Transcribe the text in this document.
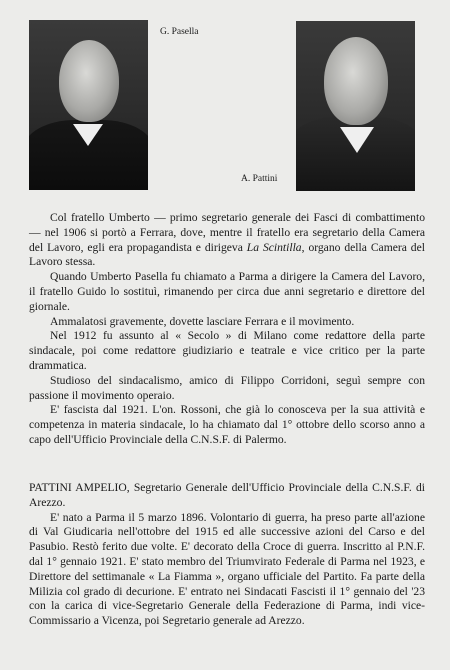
G. Pasella
A. Pattini

Col fratello Umberto — primo segretario generale dei Fasci di combattimento — nel 1906 si portò a Ferrara, dove, mentre il fratello era segretario della Camera del Lavoro, egli era propagandista e dirigeva La Scintilla, organo della Camera del Lavoro stessa.

Quando Umberto Pasella fu chiamato a Parma a dirigere la Camera del Lavoro, il fratello Guido lo sostituì, rimanendo per circa due anni segretario e direttore del giornale.

Ammalatosi gravemente, dovette lasciare Ferrara e il movimento.

Nel 1912 fu assunto al « Secolo » di Milano come redattore della parte sindacale, poi come redattore giudiziario e teatrale e vice critico per la parte drammatica.

Studioso del sindacalismo, amico di Filippo Corridoni, seguì sempre con passione il movimento operaio.

E' fascista dal 1921. L'on. Rossoni, che già lo conosceva per la sua attività e competenza in materia sindacale, lo ha chiamato dal 1° ottobre dello scorso anno a capo dell'Ufficio Provinciale della C.N.S.F. di Palermo.

PATTINI AMPELIO, Segretario Generale dell'Ufficio Provinciale della C.N.S.F. di Arezzo.

E' nato a Parma il 5 marzo 1896. Volontario di guerra, ha preso parte all'azione di Val Giudicaria nell'ottobre del 1915 ed alle successive azioni del Carso e del Pasubio. Restò ferito due volte. E' decorato della Croce di guerra. Inscritto al P.N.F. dal 1° gennaio 1921. E' stato membro del Triumvirato Federale di Parma nel 1923, e Direttore del settimanale « La Fiamma », organo ufficiale del Partito. Fa parte della Milizia col grado di decurione. E' entrato nei Sindacati Fascisti il 1° gennaio del '23 con la carica di vice-Segretario Generale della Federazione di Parma, indi vice-Commissario a Vicenza, poi Segretario generale ad Arezzo.
